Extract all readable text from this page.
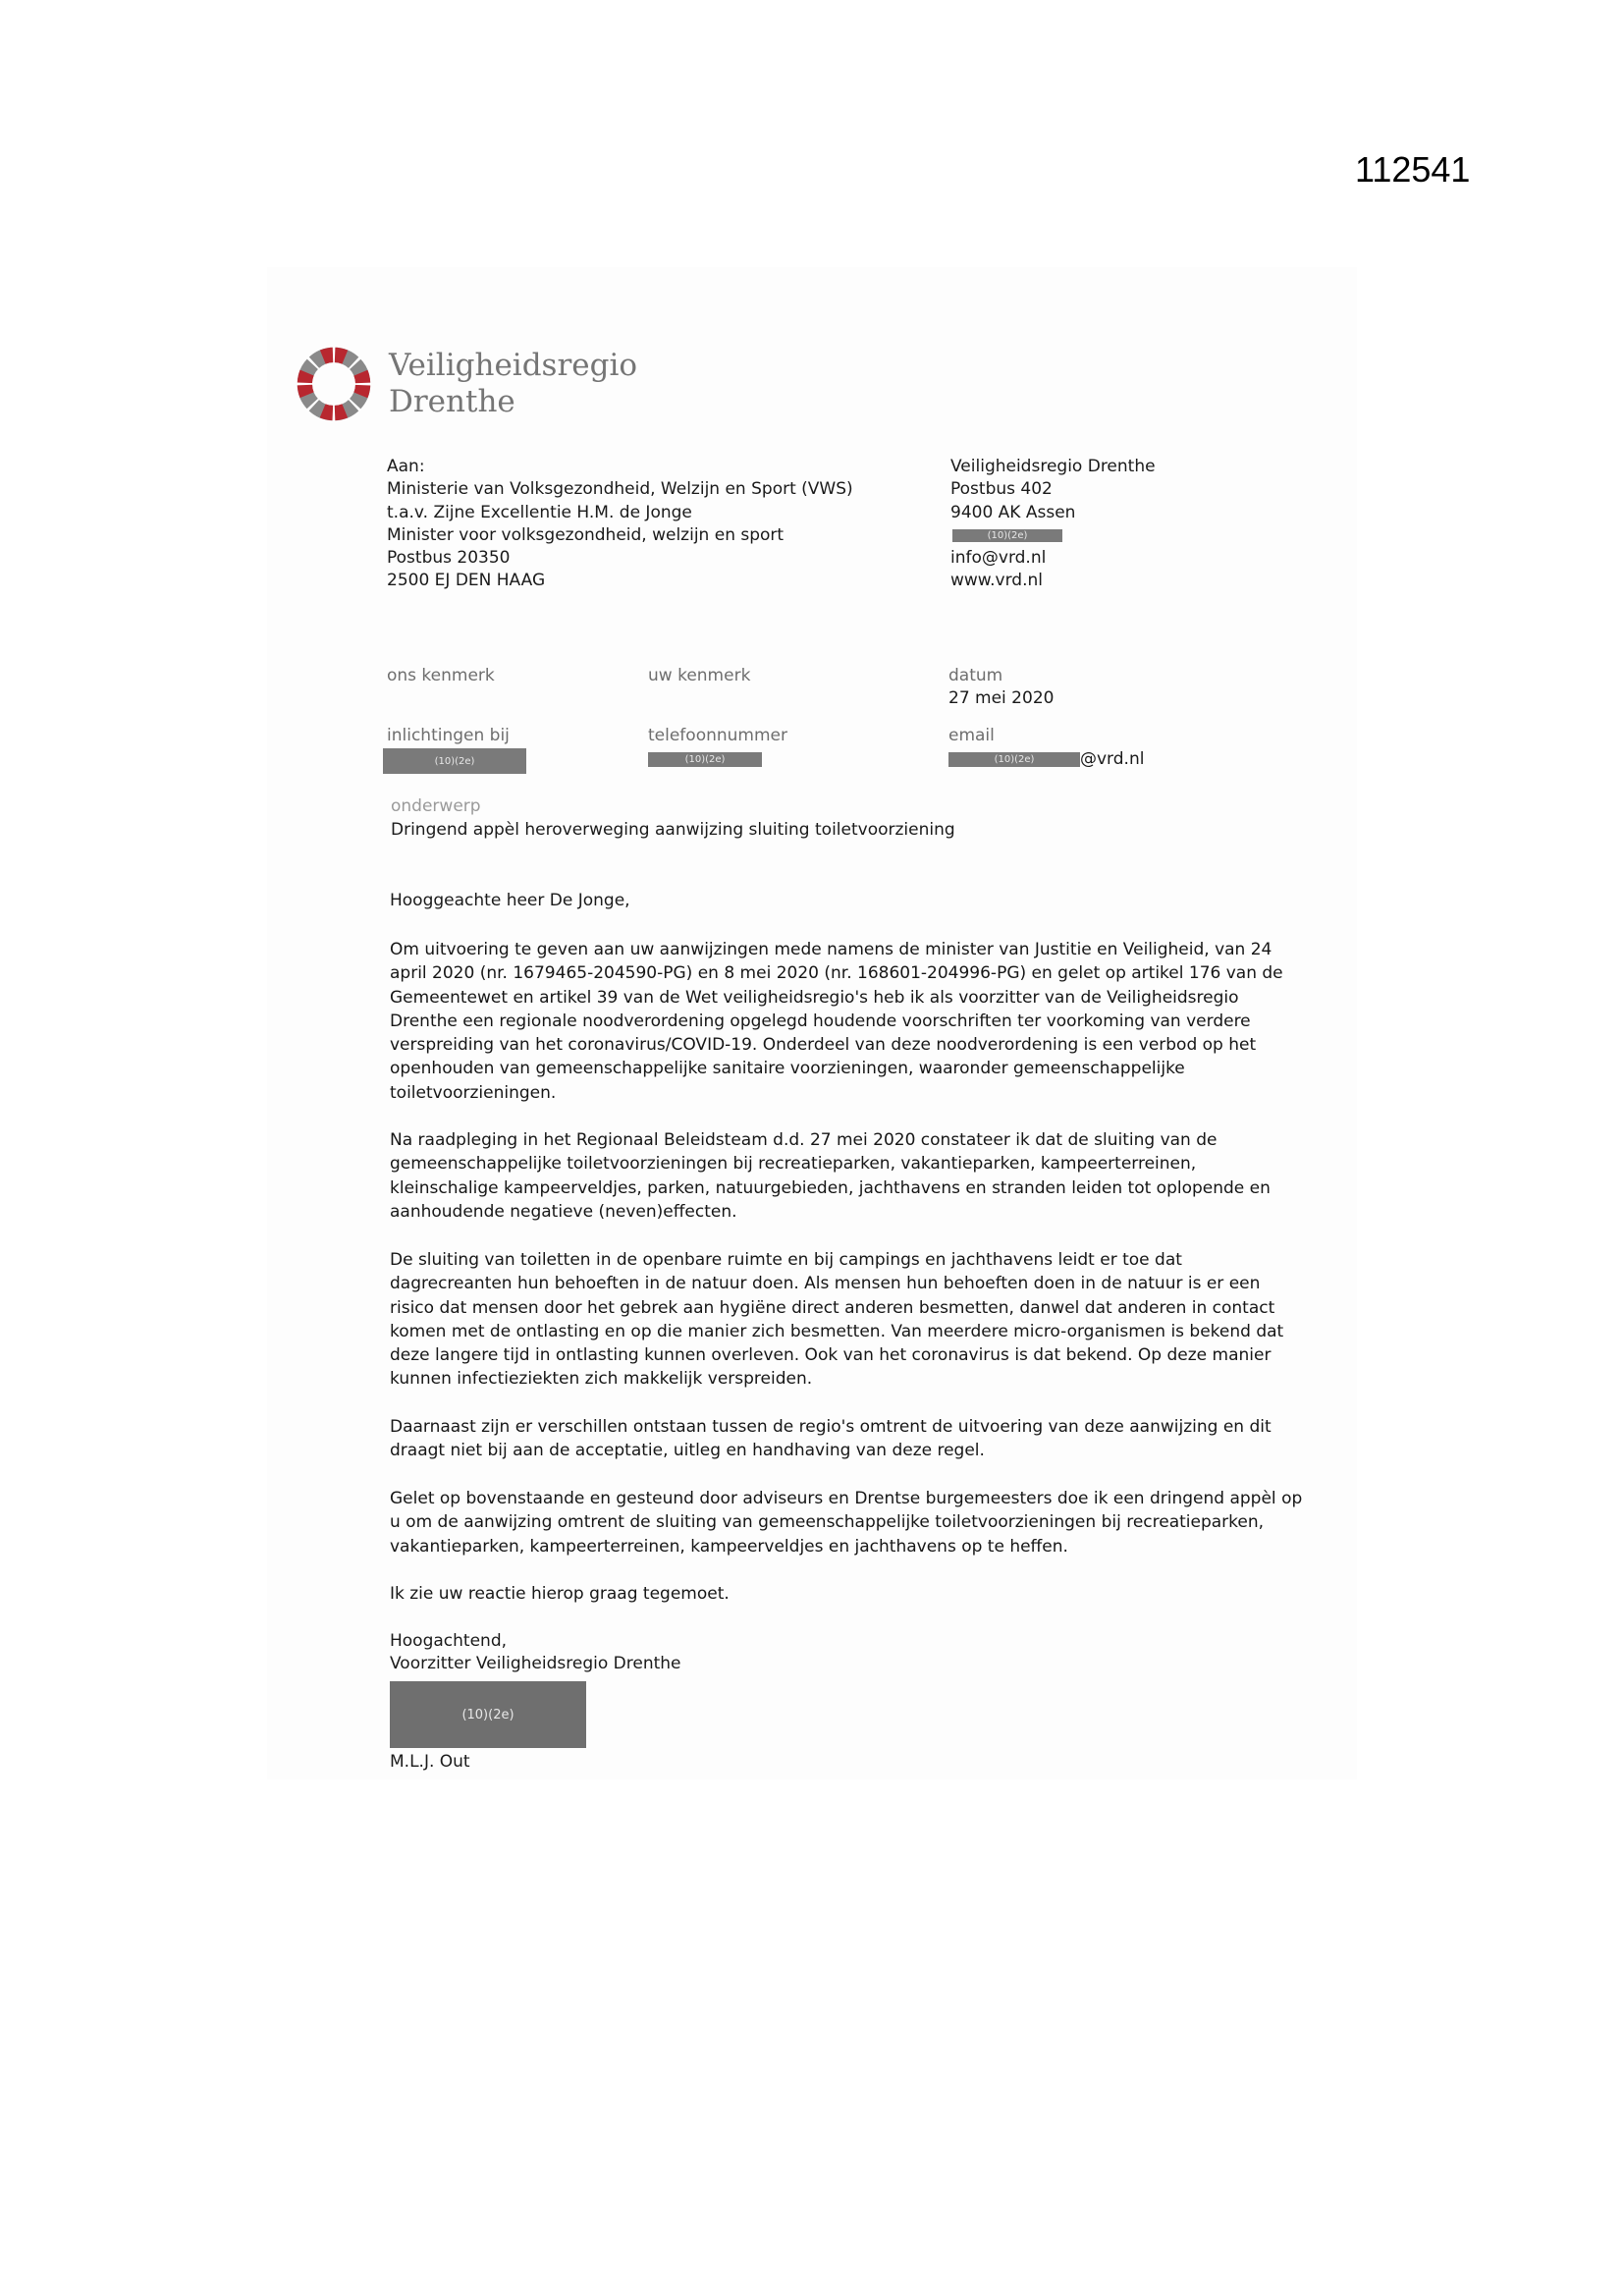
112541
Veiligheidsregio
Drenthe
Aan:
Ministerie van Volksgezondheid, Welzijn en Sport (VWS)
t.a.v. Zijne Excellentie H.M. de Jonge
Minister voor volksgezondheid, welzijn en sport
Postbus 20350
2500 EJ DEN HAAG
Veiligheidsregio Drenthe
Postbus 402
9400 AK Assen
(10)(2e)
info@vrd.nl
www.vrd.nl
ons kenmerk	uw kenmerk	datum
27 mei 2020
inlichtingen bij
(10)(2e)
telefoonnummer
(10)(2e)
email
(10)(2e)	@vrd.nl
onderwerp
Dringend appèl heroverweging aanwijzing sluiting toiletvoorziening
Hooggeachte heer De Jonge,

Om uitvoering te geven aan uw aanwijzingen mede namens de minister van Justitie en Veiligheid, van 24
april 2020 (nr. 1679465-204590-PG) en 8 mei 2020 (nr. 168601-204996-PG) en gelet op artikel 176 van de
Gemeentewet en artikel 39 van de Wet veiligheidsregio's heb ik als voorzitter van de Veiligheidsregio
Drenthe een regionale noodverordening opgelegd houdende voorschriften ter voorkoming van verdere
verspreiding van het coronavirus/COVID-19. Onderdeel van deze noodverordening is een verbod op het
openhouden van gemeenschappelijke sanitaire voorzieningen, waaronder gemeenschappelijke
toiletvoorzieningen.

Na raadpleging in het Regionaal Beleidsteam d.d. 27 mei 2020 constateer ik dat de sluiting van de
gemeenschappelijke toiletvoorzieningen bij recreatieparken, vakantieparken, kampeerterreinen,
kleinschalige kampeerveldjes, parken, natuurgebieden, jachthavens en stranden leiden tot oplopende en
aanhoudende negatieve (neven)effecten.

De sluiting van toiletten in de openbare ruimte en bij campings en jachthavens leidt er toe dat
dagrecreanten hun behoeften in de natuur doen. Als mensen hun behoeften doen in de natuur is er een
risico dat mensen door het gebrek aan hygiëne direct anderen besmetten, danwel dat anderen in contact
komen met de ontlasting en op die manier zich besmetten. Van meerdere micro-organismen is bekend dat
deze langere tijd in ontlasting kunnen overleven. Ook van het coronavirus is dat bekend. Op deze manier
kunnen infectieziekten zich makkelijk verspreiden.

Daarnaast zijn er verschillen ontstaan tussen de regio's omtrent de uitvoering van deze aanwijzing en dit
draagt niet bij aan de acceptatie, uitleg en handhaving van deze regel.

Gelet op bovenstaande en gesteund door adviseurs en Drentse burgemeesters doe ik een dringend appèl op
u om de aanwijzing omtrent de sluiting van gemeenschappelijke toiletvoorzieningen bij recreatieparken,
vakantieparken, kampeerterreinen, kampeerveldjes en jachthavens op te heffen.

Ik zie uw reactie hierop graag tegemoet.

Hoogachtend,
Voorzitter Veiligheidsregio Drenthe
(10)(2e)
M.L.J. Out
